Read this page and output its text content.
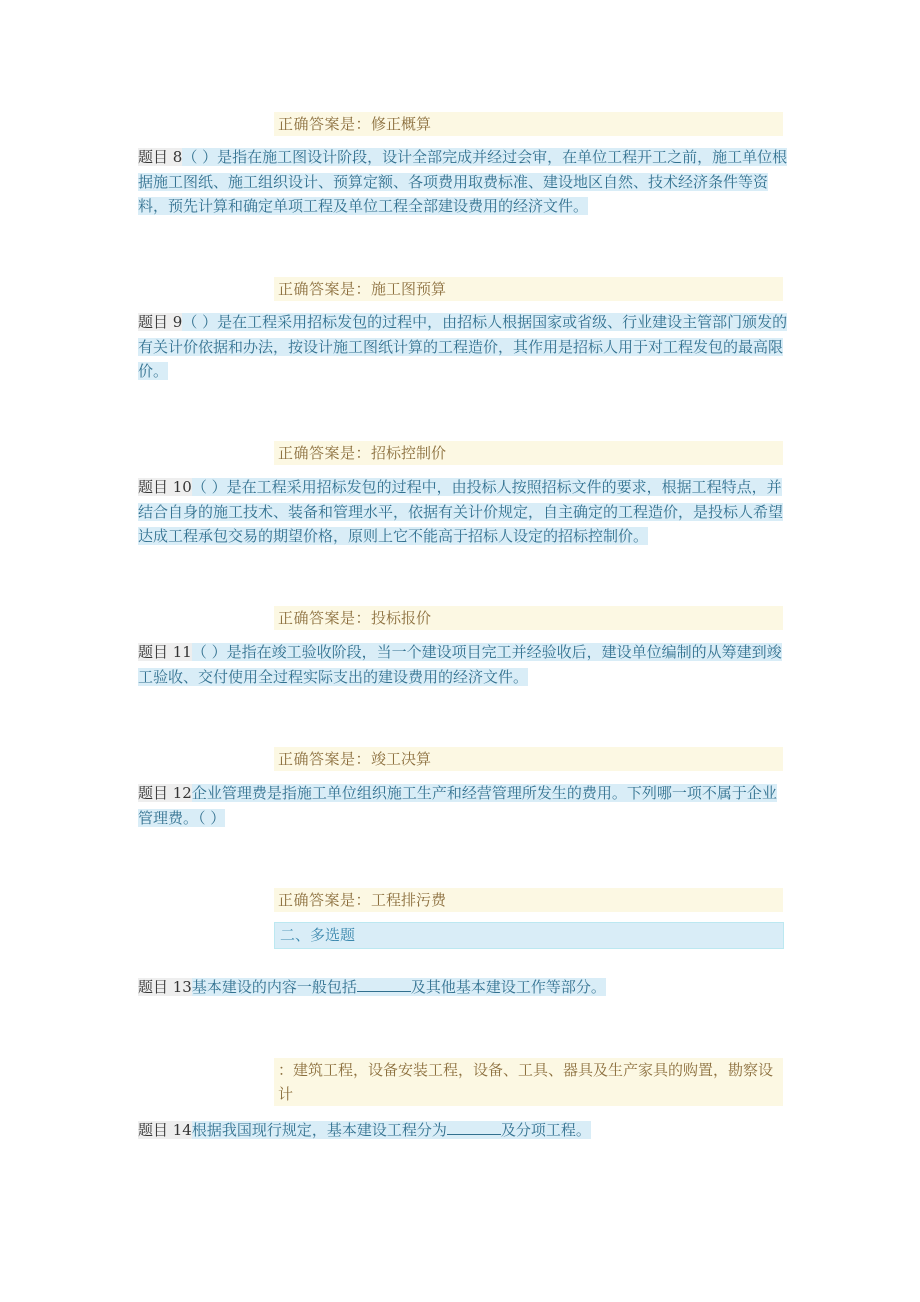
正确答案是：修正概算
题目 8（ ）是指在施工图设计阶段，设计全部完成并经过会审，在单位工程开工之前，施工单位根据施工图纸、施工组织设计、预算定额、各项费用取费标准、建设地区自然、技术经济条件等资料，预先计算和确定单项工程及单位工程全部建设费用的经济文件。
正确答案是：施工图预算
题目 9（ ）是在工程采用招标发包的过程中，由招标人根据国家或省级、行业建设主管部门颁发的有关计价依据和办法，按设计施工图纸计算的工程造价，其作用是招标人用于对工程发包的最高限价。
正确答案是：招标控制价
题目 10（ ）是在工程采用招标发包的过程中，由投标人按照招标文件的要求，根据工程特点，并结合自身的施工技术、装备和管理水平，依据有关计价规定，自主确定的工程造价，是投标人希望达成工程承包交易的期望价格，原则上它不能高于招标人设定的招标控制价。
正确答案是：投标报价
题目 11（ ）是指在竣工验收阶段，当一个建设项目完工并经验收后，建设单位编制的从筹建到竣工验收、交付使用全过程实际支出的建设费用的经济文件。
正确答案是：竣工决算
题目 12企业管理费是指施工单位组织施工生产和经营管理所发生的费用。下列哪一项不属于企业管理费。（ ）
正确答案是：工程排污费
二、多选题
题目 13基本建设的内容一般包括	及其他基本建设工作等部分。
：建筑工程，设备安装工程，设备、工具、器具及生产家具的购置，勘察设计
题目 14根据我国现行规定，基本建设工程分为	及分项工程。
